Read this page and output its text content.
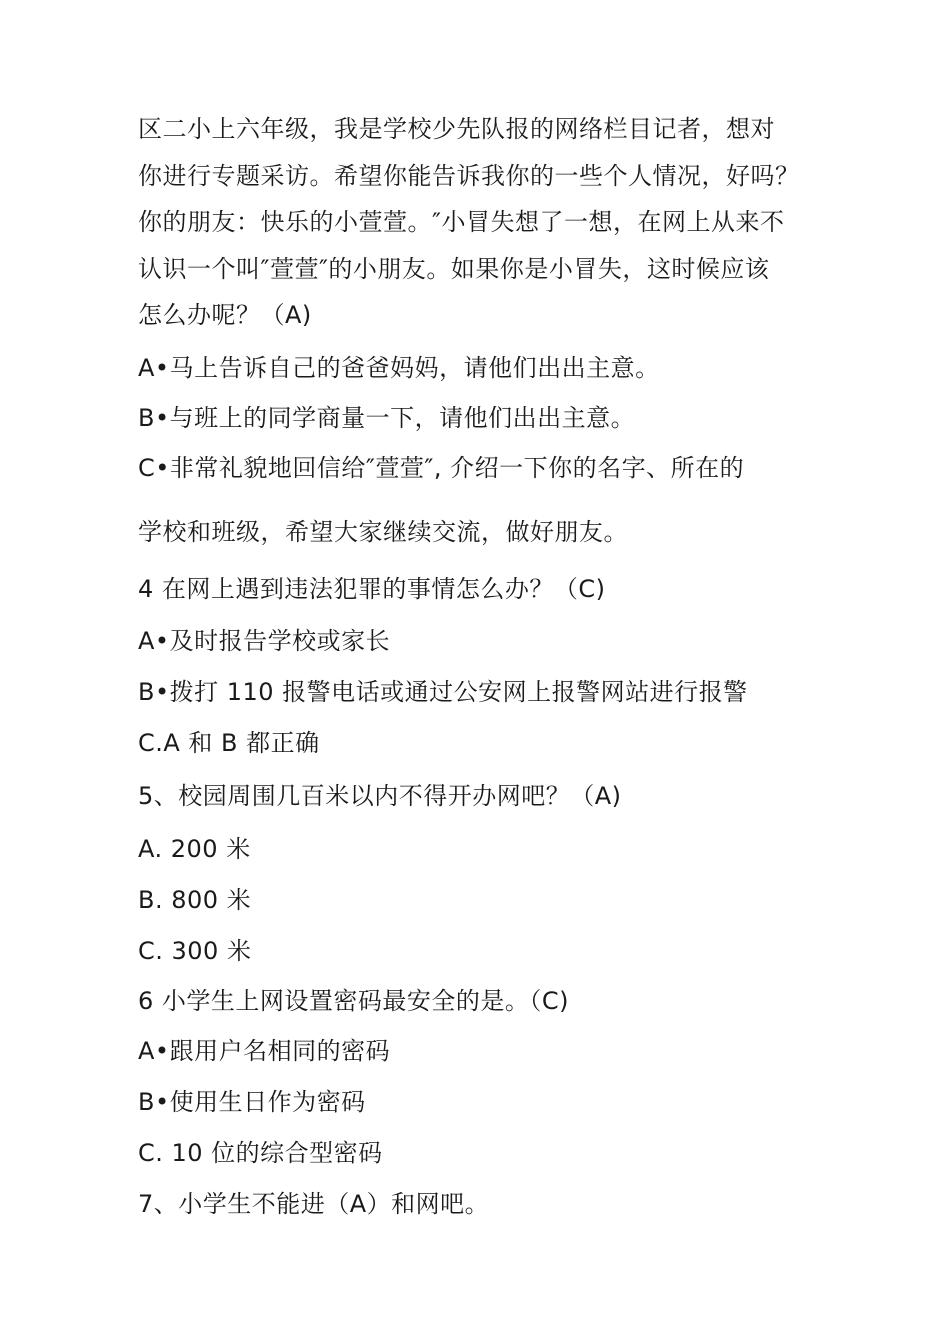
区二小上六年级，我是学校少先队报的网络栏目记者，想对
你进行专题采访。希望你能告诉我你的一些个人情况，好吗？
你的朋友：快乐的小萱萱。″小冒失想了一想，在网上从来不
认识一个叫″萱萱″的小朋友。如果你是小冒失，这时候应该
怎么办呢？（A)
A•马上告诉自己的爸爸妈妈，请他们出出主意。
B•与班上的同学商量一下，请他们出出主意。
C•非常礼貌地回信给″萱萱″, 介绍一下你的名字、所在的
学校和班级，希望大家继续交流，做好朋友。
4 在网上遇到违法犯罪的事情怎么办？（C)
A•及时报告学校或家长
B•拨打 110 报警电话或通过公安网上报警网站进行报警
C.A 和 B 都正确
5、校园周围几百米以内不得开办网吧？（A)
A. 200 米
B. 800 米
C. 300 米
6 小学生上网设置密码最安全的是。（C)
A•跟用户名相同的密码
B•使用生日作为密码
C. 10 位的综合型密码
7、小学生不能进（A）和网吧。
